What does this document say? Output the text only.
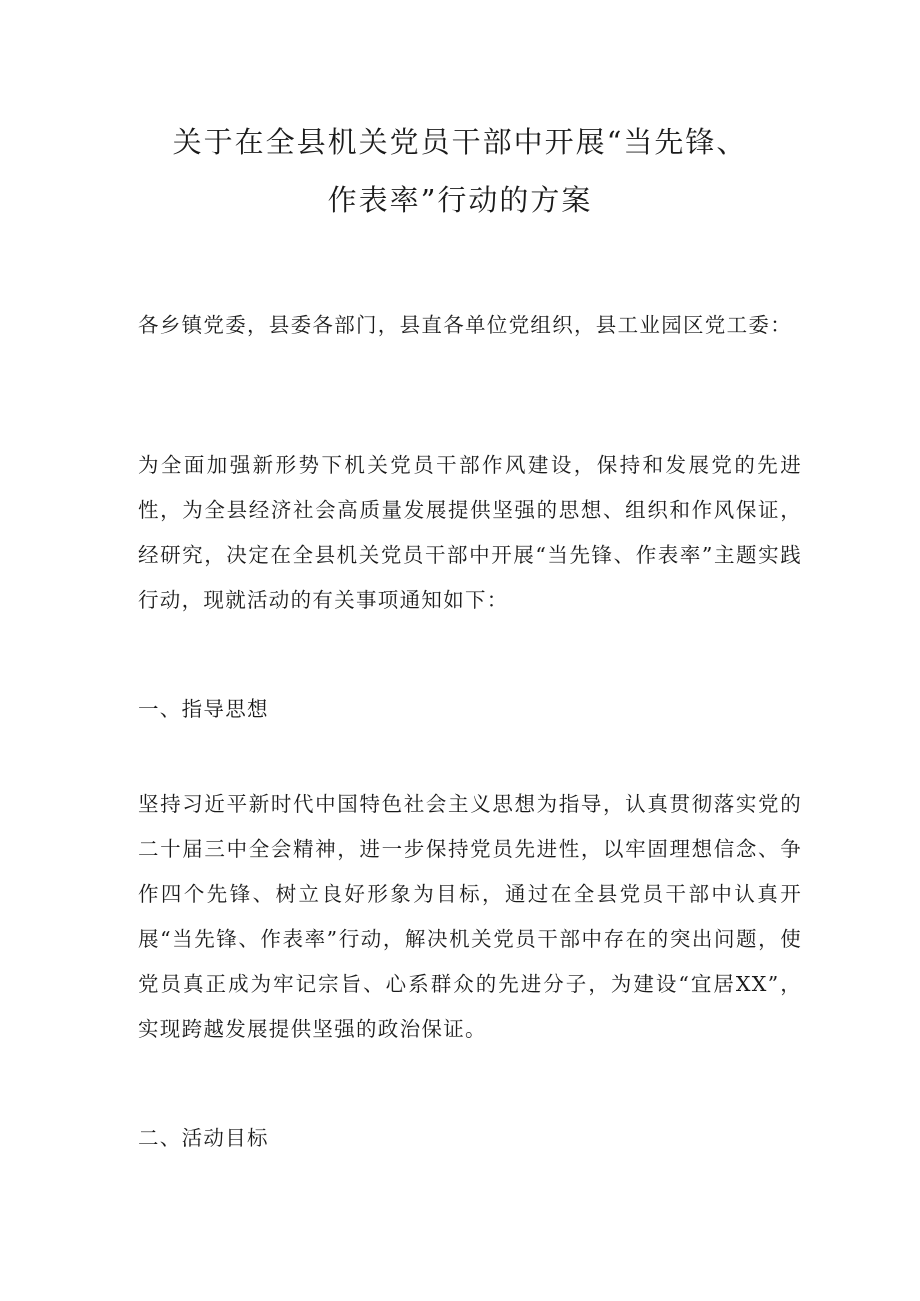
关于在全县机关党员干部中开展“当先锋、
作表率”行动的方案

各乡镇党委，县委各部门，县直各单位党组织，县工业园区党工委：

为全面加强新形势下机关党员干部作风建设，保持和发展党的先进性，为全县经济社会高质量发展提供坚强的思想、组织和作风保证，经研究，决定在全县机关党员干部中开展“当先锋、作表率”主题实践行动，现就活动的有关事项通知如下：

一、指导思想

坚持习近平新时代中国特色社会主义思想为指导，认真贯彻落实党的二十届三中全会精神，进一步保持党员先进性，以牢固理想信念、争作四个先锋、树立良好形象为目标，通过在全县党员干部中认真开展“当先锋、作表率”行动，解决机关党员干部中存在的突出问题，使党员真正成为牢记宗旨、心系群众的先进分子，为建设“宜居XX”，实现跨越发展提供坚强的政治保证。

二、活动目标
